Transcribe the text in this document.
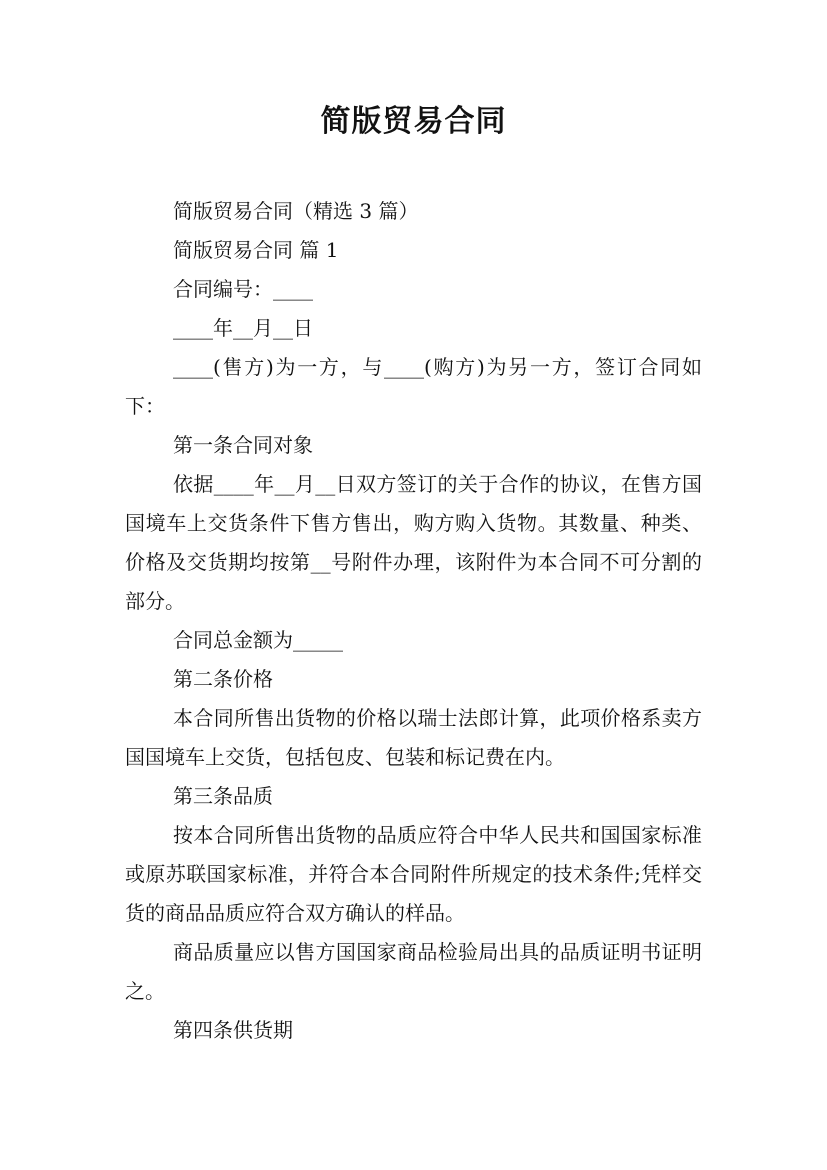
简版贸易合同

简版贸易合同（精选 3 篇）

简版贸易合同 篇 1

合同编号：____

____年__月__日

____(售方)为一方，与____(购方)为另一方，签订合同如下：

第一条合同对象

依据____年__月__日双方签订的关于合作的协议，在售方国国境车上交货条件下售方售出，购方购入货物。其数量、种类、价格及交货期均按第__号附件办理，该附件为本合同不可分割的部分。

合同总金额为_____

第二条价格

本合同所售出货物的价格以瑞士法郎计算，此项价格系卖方国国境车上交货，包括包皮、包装和标记费在内。

第三条品质

按本合同所售出货物的品质应符合中华人民共和国国家标准或原苏联国家标准，并符合本合同附件所规定的技术条件;凭样交货的商品品质应符合双方确认的样品。

商品质量应以售方国国家商品检验局出具的品质证明书证明之。

第四条供货期
